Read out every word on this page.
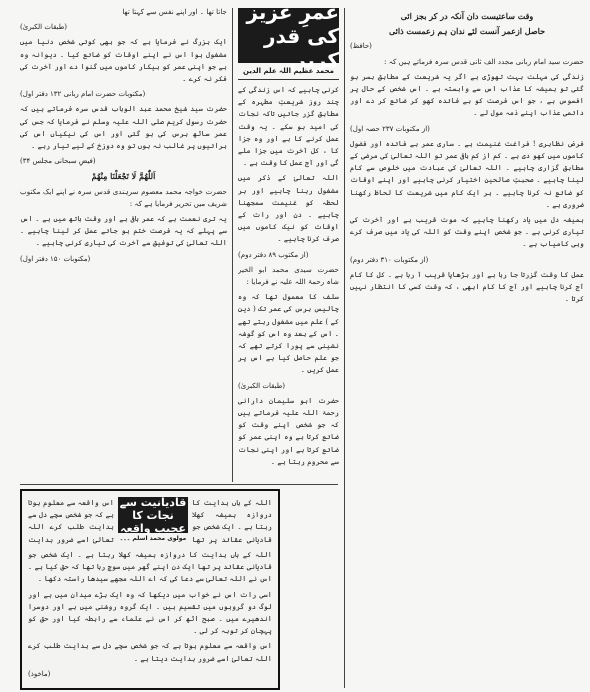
عمرِ عزیز کی قدر کریں
محمد عظیم اللہ علم الدین

وقت ساعتیست دان آنکہ در کر بجز ائی

حاصل ازعمر آنست لئے ندان ہم زعمست ذائی

(حافظ)

حضرت سید امام ربانی مجدد الف ثانی قدس سرہ فرماتے ہیں کہ :

زندگی کی مہلت بہت تھوڑی ہے اگر یہ شریعت کے مطابق بسر ہو گئی تو ہمیشہ کا عذاب اس سے وابستہ ہے ۔ اس شخص کے حال پر افسوس ہے ، جو اس فرصت کو بے فائدہ کھو کر ضائع کر دے اور دائمی عذاب اپنے ذمہ مول لے ۔

(از مکتوبات ۲۳۷ حصہ اول)

فرض نظاہری ! فراغت غنیمت ہے ۔ ساری عمر بے فائدہ اور فضول کاموں میں کھو دی ہے ۔ کم از کم باقی عمر تو اللہ تعالیٰ کی مرضی کے مطابق گزاری چاہیے ۔ اللہ تعالیٰ کی عبادت میں خلوص سے کام لینا چاہیے ۔ صحبتِ صالحین اختیار کرنی چاہیے اور اپنے اوقات کو ضائع نہ کرنا چاہیے ۔ ہر ایک کام میں شریعت کا لحاظ رکھنا ضروری ہے ۔

ہمیشہ دل میں یاد رکھنا چاہیے کہ موت قریب ہے اور آخرت کی تیاری کرنی ہے ۔ جو شخص اپنے وقت کو اللہ کی یاد میں صرف کرے وہی کامیاب ہے ۔

(از مکتوبات ۳۱۰ دفتر دوم)

عمل کا وقت گزرتا جا رہا ہے اور بڑھاپا قریب آ رہا ہے ۔ کل کا کام آج کرنا چاہیے اور آج کا کام ابھی ، کہ وقت کسی کا انتظار نہیں کرتا ۔

کرنی چاہیے کہ اس زندگی کے چند روز شریعتِ مطہرہ کے مطابق گزر جائیں تاکہ نجات کی امید ہو سکے ۔ یہ وقت عمل کرنے کا ہے اور وہ جزا کا ، کل آخرت میں جزا ملے گی اور آج عمل کا وقت ہے ۔

اللہ تعالیٰ کے ذکر میں مشغول رہنا چاہیے اور ہر لحظہ کو غنیمت سمجھنا چاہیے ۔ دن اور رات کے اوقات کو نیک کاموں میں صرف کرنا چاہیے ۔

(از مکتوب ۸۹ دفتر دوم)

حضرت سیدی محمد ابو الخیر شاہ رحمۃ اللہ علیہ نے فرمایا :

سلف کا معمول تھا کہ وہ چالیس برس کی عمر تک ( دین کے ) علم میں مشغول رہتے تھے ۔ اس کے بعد وہ اس کو گوشہ نشینی سے پورا کرتے تھے کہ جو علم حاصل کیا ہے اس پر عمل کریں ۔

(طبقات الکبریٰ)

حضرت ابو سلیمان دارانی رحمۃ اللہ علیہ فرماتے ہیں کہ جو شخص اپنے وقت کو ضائع کرتا ہے وہ اپنی عمر کو ضائع کرتا ہے اور اپنی نجات سے محروم رہتا ہے ۔

جاتا تھا ۔ اور اپنے نفس سے کہتا تھا

(طبقات الکبریٰ)

ایک بزرگ نے فرمایا ہے کہ جو بھی کوئی شخص دنیا میں مشغول ہوا اس نے اپنے اوقات کو ضائع کیا ۔ دیوانہ وہ ہے جو اپنی عمر کو بیکار کاموں میں گنوا دے اور آخرت کی فکر نہ کرے ۔

(مکتوبات حضرت امام ربانی ۱۳۲ دفتر اول)

حضرت سید شیخ محمد عبد الوہاب قدس سرہ فرماتے ہیں کہ حضرت رسول کریم صلی اللہ علیہ وسلم نے فرمایا کہ جس کی عمر ساٹھ برس کی ہو گئی اور اس کی نیکیاں اس کی برائیوں پر غالب نہ ہوں تو وہ دوزخ کے لیے تیار رہے ۔

(فیضِ سبحانی مجلس ۳۴)

اَللّٰھُمَّ لَا تَجْعَلْنَا مِنْھُمْ

حضرت خواجہ محمد معصوم سرہندی قدس سرہ نے اپنے ایک مکتوب شریف میں تحریر فرمایا ہے کہ :

یہ تری نعمت ہے کہ عمر باقی ہے اور وقت ہاتھ میں ہے ۔ اس سے پہلے کہ یہ فرصت ختم ہو جائے عمل کر لینا چاہیے ۔ اللہ تعالیٰ کی توفیق سے آخرت کی تیاری کرنی چاہیے ۔

(مکتوبات ۱۵۰ دفتر اول)

قادیانیت سے نجات کا عجیب واقعہ
مولوی محمد اسلم ۔۔۔

اللہ کے ہاں ہدایت کا دروازہ ہمیشہ کھلا رہتا ہے ۔ ایک شخص جو قادیانی عقائد پر تھا ایک دن اپنے گھر میں سوچ رہا تھا کہ حق کیا ہے ۔ اس نے اللہ تعالیٰ سے دعا کی کہ اے اللہ مجھے سیدھا راستہ دکھا ۔

اسی رات اس نے خواب میں دیکھا کہ وہ ایک بڑے میدان میں ہے اور لوگ دو گروہوں میں تقسیم ہیں ۔ ایک گروہ روشنی میں ہے اور دوسرا اندھیرے میں ۔ صبح اٹھ کر اس نے علماء سے رابطہ کیا اور حق کو پہچان کر توبہ کر لی ۔

اس واقعہ سے معلوم ہوتا ہے کہ جو شخص سچے دل سے ہدایت طلب کرے اللہ تعالیٰ اسے ضرور ہدایت دیتا ہے ۔

(ماخوذ)

اللہ کے ہاں ہدایت کا دروازہ ہمیشہ کھلا رہتا ہے ۔ ایک شخص جو قادیانی عقائد پر تھا

اس واقعہ سے معلوم ہوتا ہے کہ جو شخص سچے دل سے ہدایت طلب کرے اللہ تعالیٰ اسے ضرور ہدایت
